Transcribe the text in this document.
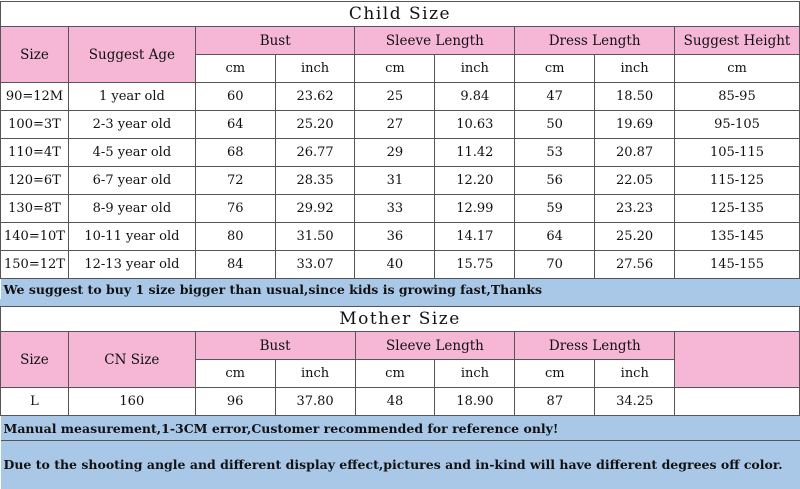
Child Size								
Size	Suggest Age	Bust		Sleeve Length		Dress Length		Suggest Height
		cm	inch	cm	inch	cm	inch	cm
90=12M	1 year old	60	23.62	25	9.84	47	18.50	85-95
100=3T	2-3 year old	64	25.20	27	10.63	50	19.69	95-105
110=4T	4-5 year old	68	26.77	29	11.42	53	20.87	105-115
120=6T	6-7 year old	72	28.35	31	12.20	56	22.05	115-125
130=8T	8-9 year old	76	29.92	33	12.99	59	23.23	125-135
140=10T	10-11 year old	80	31.50	36	14.17	64	25.20	135-145
150=12T	12-13 year old	84	33.07	40	15.75	70	27.56	145-155
We suggest to buy 1 size bigger than usual,since kids is growing fast,Thanks								
Mother Size								
Size	CN Size	Bust		Sleeve Length		Dress Length		
		cm	inch	cm	inch	cm	inch	
L	160	96	37.80	48	18.90	87	34.25	
Manual measurement,1-3CM error,Customer recommended for reference only!								
Due to the shooting angle and different display effect,pictures and in-kind will have different degrees off color.								
